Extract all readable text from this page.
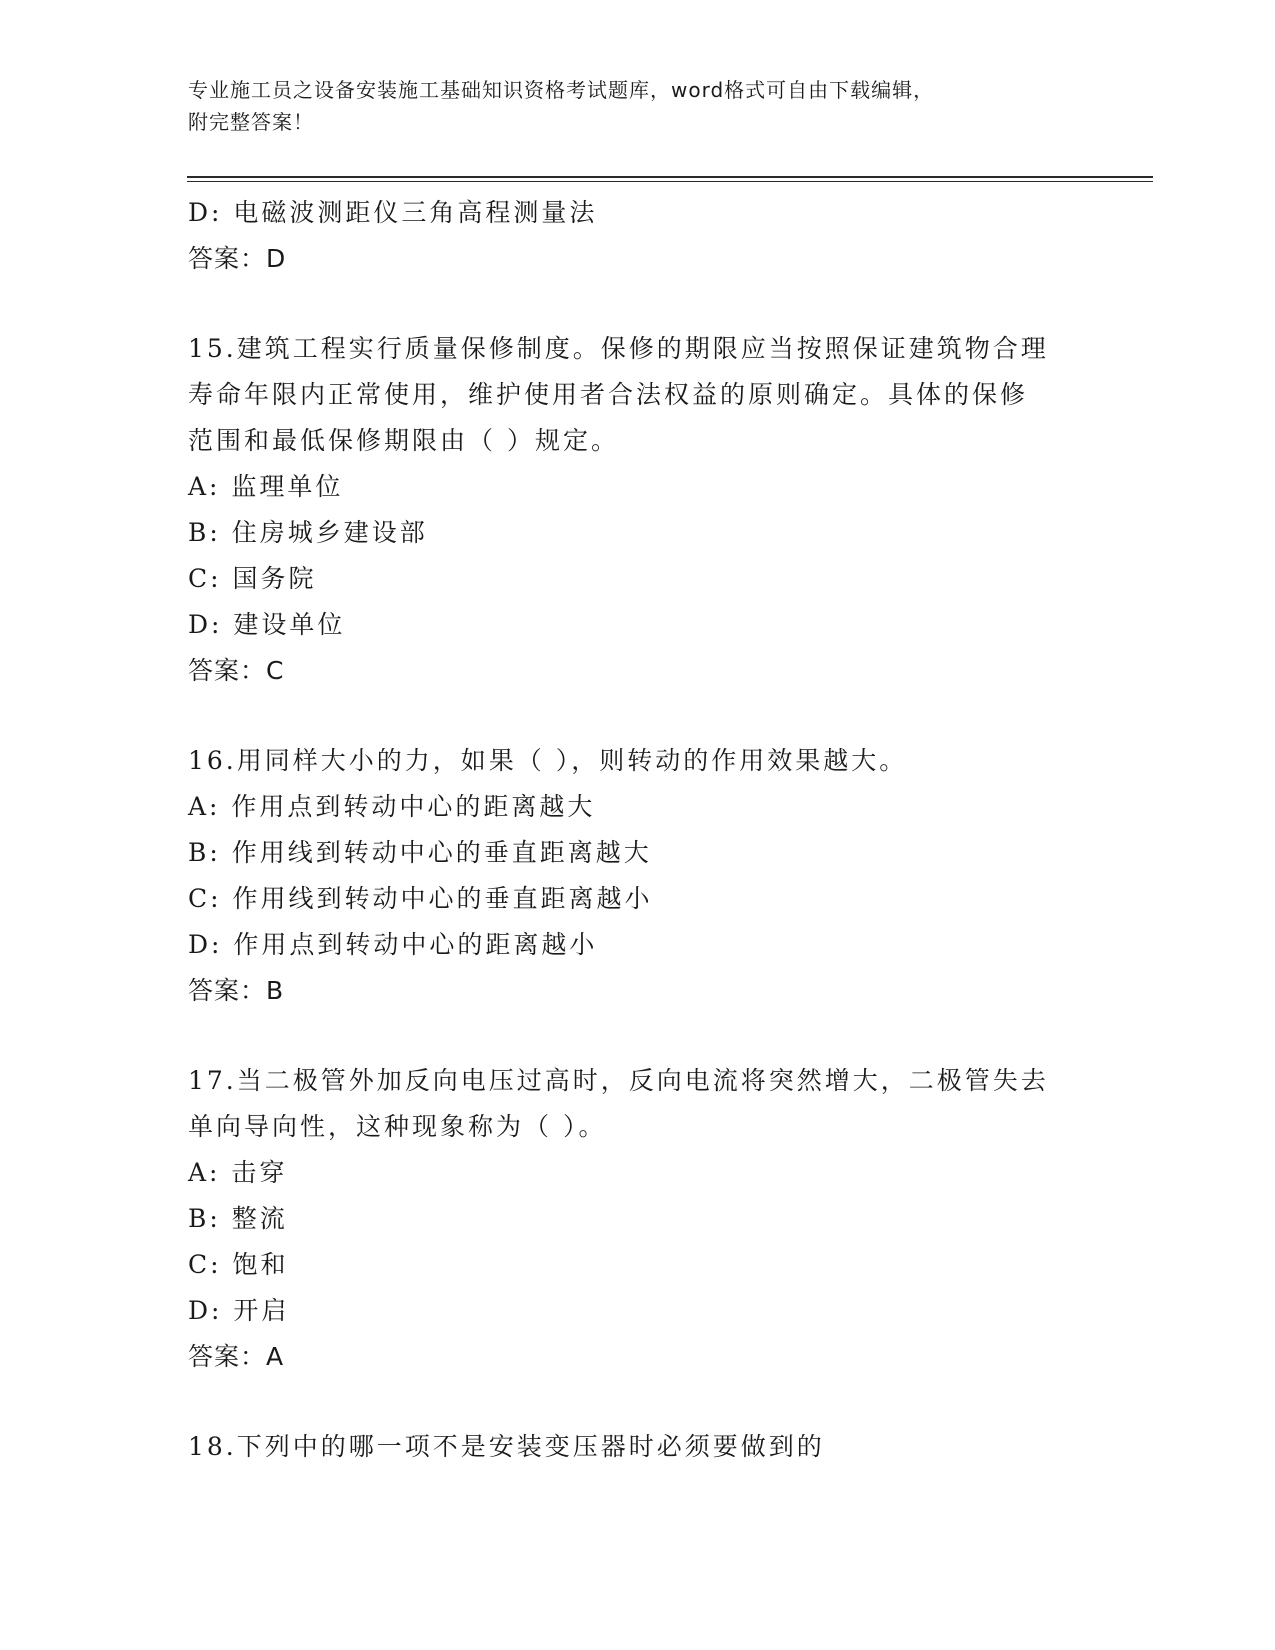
专业施工员之设备安装施工基础知识资格考试题库，word格式可自由下载编辑，
附完整答案！
D: 电磁波测距仪三角高程测量法
答案：D
15.建筑工程实行质量保修制度。保修的期限应当按照保证建筑物合理
寿命年限内正常使用，维护使用者合法权益的原则确定。具体的保修
范围和最低保修期限由（ ）规定。
A: 监理单位
B: 住房城乡建设部
C: 国务院
D: 建设单位
答案：C
16.用同样大小的力，如果（ ），则转动的作用效果越大。
A: 作用点到转动中心的距离越大
B: 作用线到转动中心的垂直距离越大
C: 作用线到转动中心的垂直距离越小
D: 作用点到转动中心的距离越小
答案：B
17.当二极管外加反向电压过高时，反向电流将突然增大，二极管失去
单向导向性，这种现象称为（ ）。
A: 击穿
B: 整流
C: 饱和
D: 开启
答案：A
18.下列中的哪一项不是安装变压器时必须要做到的
